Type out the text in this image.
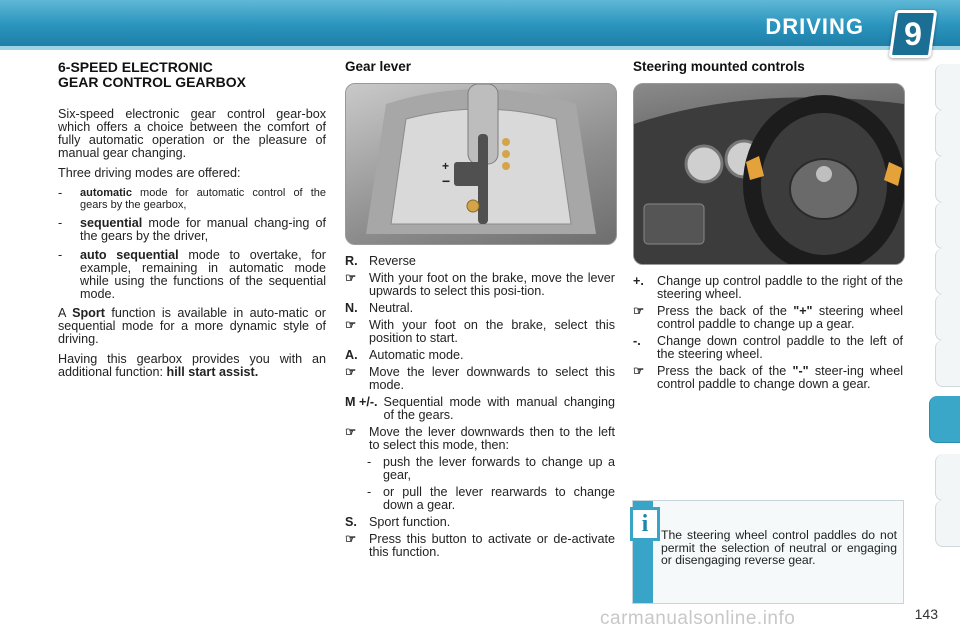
DRIVING 9
6-SPEED ELECTRONIC
GEAR CONTROL GEARBOX

Six-speed electronic gear control gear-box which offers a choice between the comfort of fully automatic operation or the pleasure of manual gear changing.

Three driving modes are offered:

-	automatic mode for automatic control of the gears by the gearbox,
-	sequential mode for manual chang-ing of the gears by the driver,
-	auto sequential mode to overtake, for example, remaining in automatic mode while using the functions of the sequential mode.

A Sport function is available in auto-matic or sequential mode for a more dynamic style of driving.

Having this gearbox provides you with an additional function: hill start assist.

Gear lever
+
−
R. Reverse
☞	With your foot on the brake, move the lever upwards to select this posi-tion.
N. Neutral.
☞	With your foot on the brake, select this position to start.
A. Automatic mode.
☞	Move the lever downwards to select this mode.
M +/-. Sequential mode with manual changing of the gears.
☞	Move the lever downwards then to the left to select this mode, then:
- push the lever forwards to change up a gear,
- or pull the lever rearwards to change down a gear.
S. Sport function.
☞	Press this button to activate or de-activate this function.
Steering mounted controls
+.	Change up control paddle to the right of the steering wheel.
☞	Press the back of the "+" steering wheel control paddle to change up a gear.
-.	Change down control paddle to the left of the steering wheel.
☞	Press the back of the "-" steer-ing wheel control paddle to change down a gear.
i	The steering wheel control paddles do not permit the selection of neutral or engaging or disengaging reverse gear.
143
carmanualsonline.info
